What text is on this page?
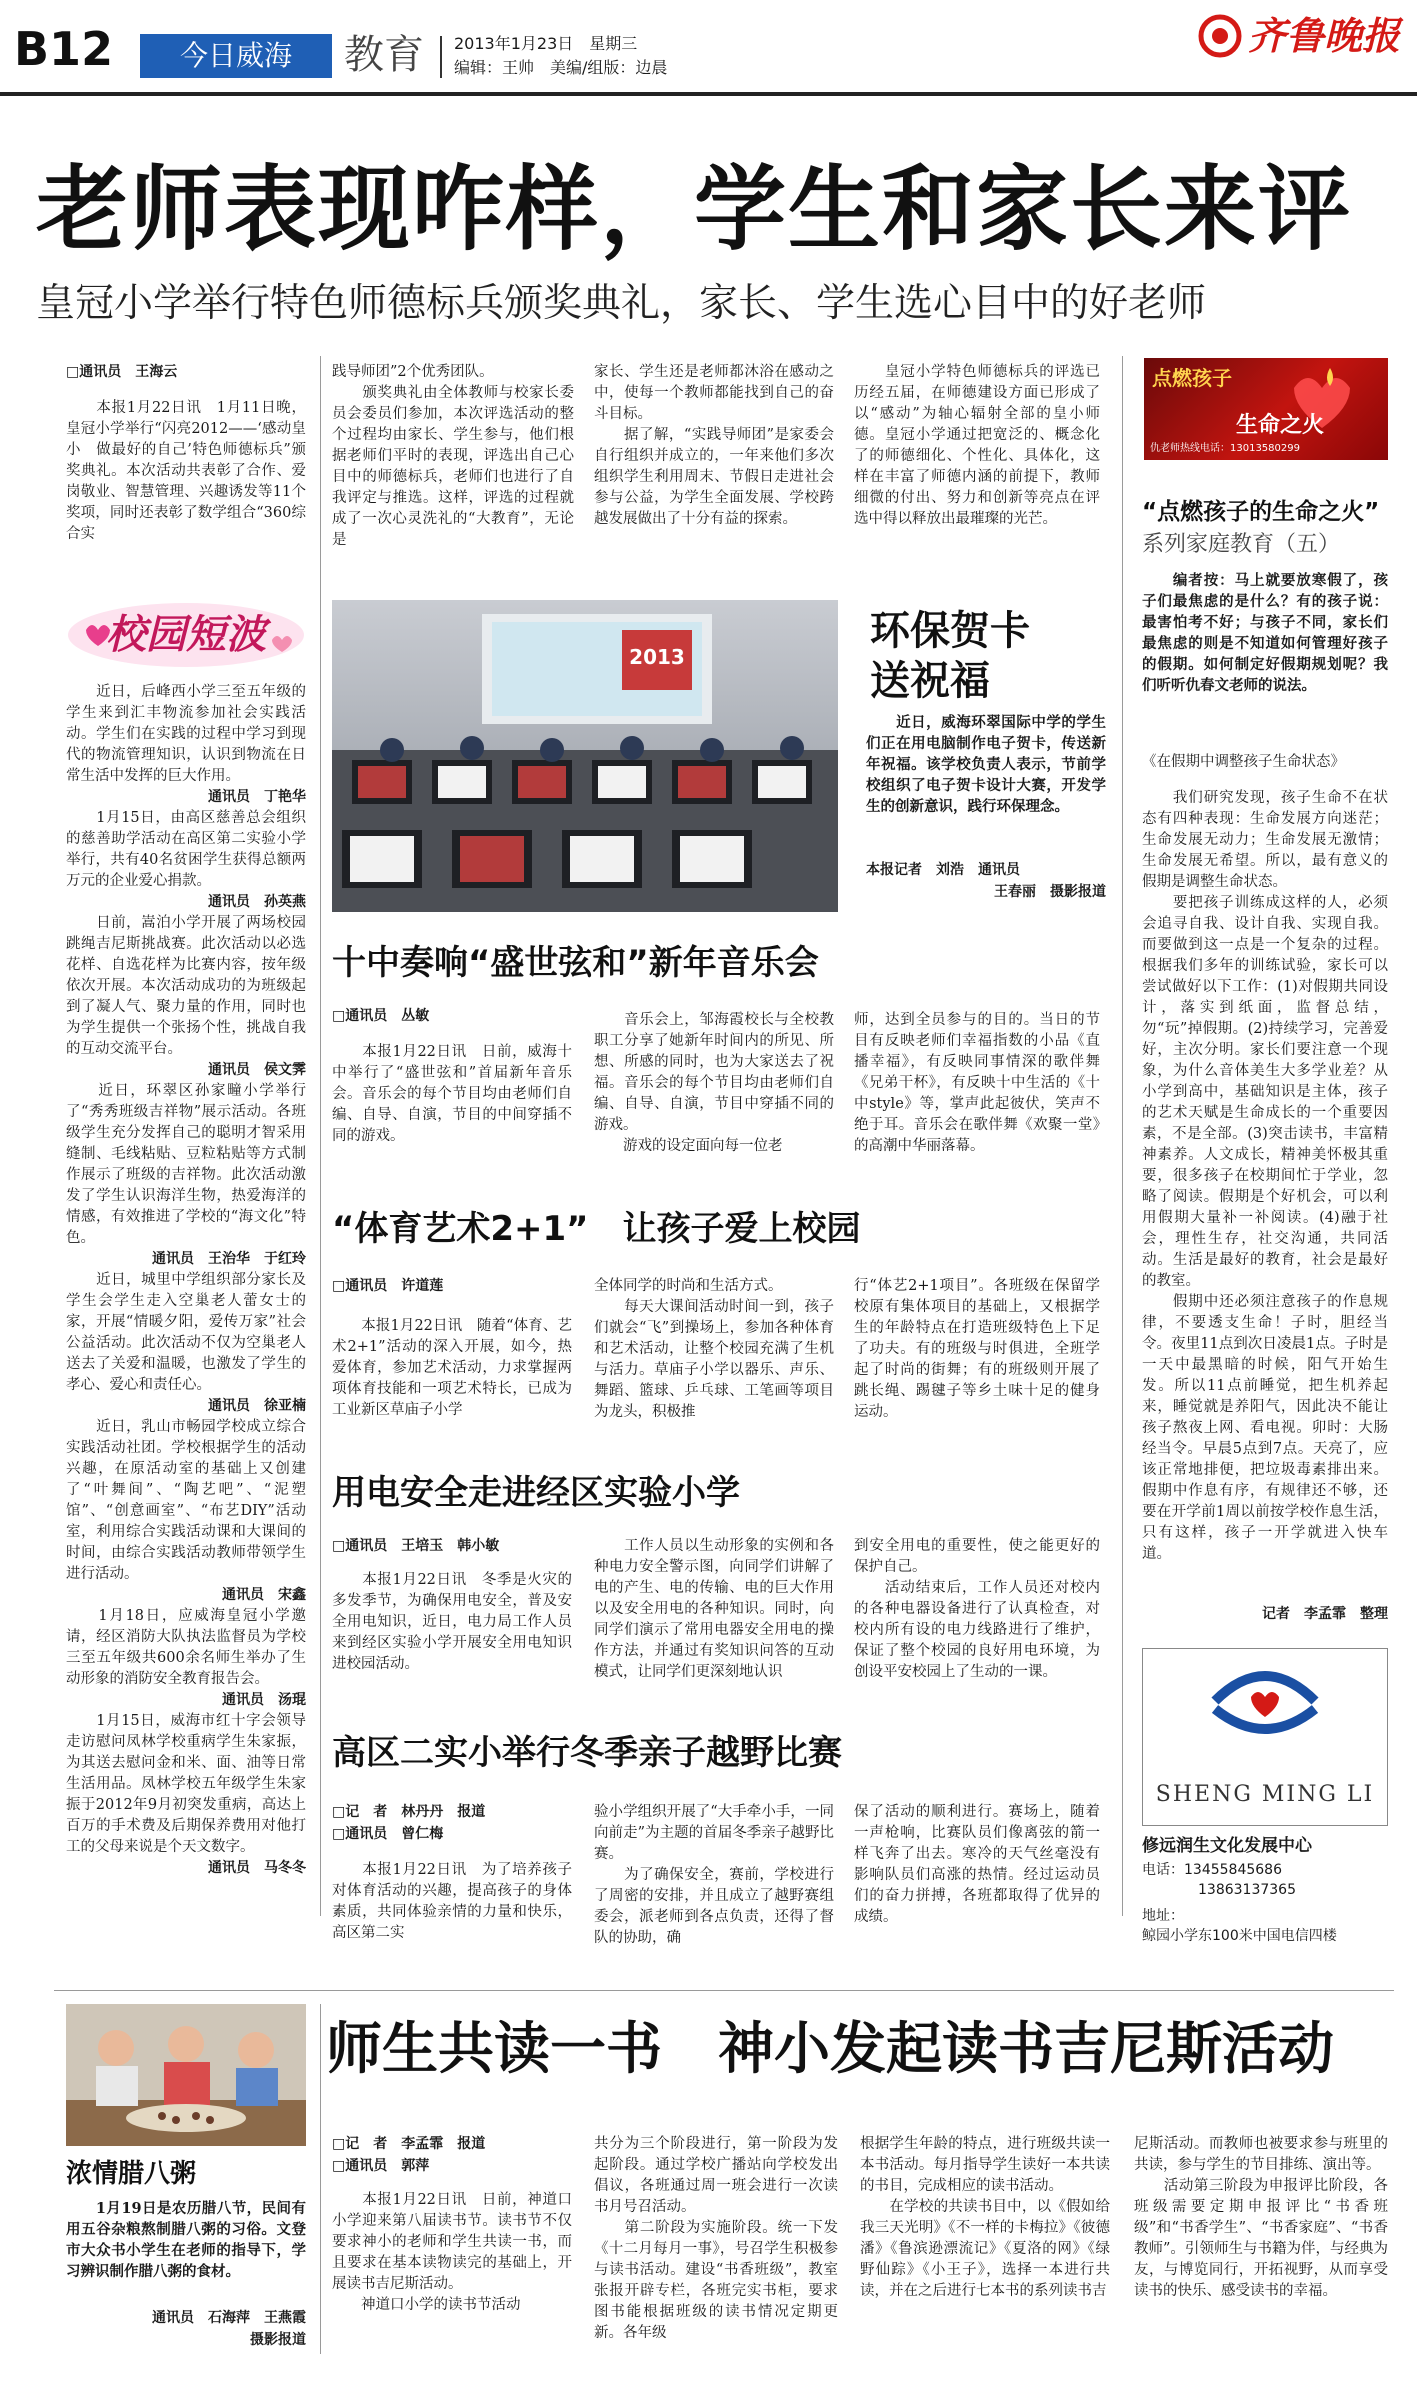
B12	今日威海	教育 2013年1月23日　星期三
编辑：王帅　美编/组版：边晨
齐鲁晚报
老师表现咋样，学生和家长来评
皇冠小学举行特色师德标兵颁奖典礼，家长、学生选心目中的好老师
□通讯员　王海云
　　本报1月22日讯　1月11日晚，皇冠小学举行“闪亮2012——‘感动皇小　做最好的自己’特色师德标兵”颁奖典礼。本次活动共表彰了合作、爱岗敬业、智慧管理、兴趣诱发等11个奖项，同时还表彰了数学组合“360综合实
践导师团”2个优秀团队。
　　颁奖典礼由全体教师与校家长委员会委员们参加，本次评选活动的整个过程均由家长、学生参与，他们根据老师们平时的表现，评选出自己心目中的师德标兵，老师们也进行了自我评定与推选。这样，评选的过程就成了一次心灵洗礼的“大教育”，无论是
家长、学生还是老师都沐浴在感动之中，使每一个教师都能找到自己的奋斗目标。
　　据了解，“实践导师团”是家委会自行组织并成立的，一年来他们多次组织学生利用周末、节假日走进社会参与公益，为学生全面发展、学校跨越发展做出了十分有益的探索。
　　皇冠小学特色师德标兵的评选已历经五届，在师德建设方面已形成了以“感动”为轴心辐射全部的皇小师德。皇冠小学通过把宽泛的、概念化了的师德细化、个性化、具体化，这样在丰富了师德内涵的前提下，教师细微的付出、努力和创新等亮点在评选中得以释放出最璀璨的光芒。
校园短波
　　近日，后峰西小学三至五年级的学生来到汇丰物流参加社会实践活动。学生们在实践的过程中学习到现代的物流管理知识，认识到物流在日常生活中发挥的巨大作用。
通讯员　丁艳华
　　1月15日，由高区慈善总会组织的慈善助学活动在高区第二实验小学举行，共有40名贫困学生获得总额两万元的企业爱心捐款。
通讯员　孙英燕
　　日前，嵩泊小学开展了两场校园跳绳吉尼斯挑战赛。此次活动以必选花样、自选花样为比赛内容，按年级依次开展。本次活动成功的为班级起到了凝人气、聚力量的作用，同时也为学生提供一个张扬个性，挑战自我的互动交流平台。
通讯员　侯文霁
　　近日，环翠区孙家疃小学举行了“秀秀班级吉祥物”展示活动。各班级学生充分发挥自己的聪明才智采用缝制、毛线粘贴、豆粒粘贴等方式制作展示了班级的吉祥物。此次活动激发了学生认识海洋生物，热爱海洋的情感，有效推进了学校的“海文化”特色。
通讯员　王治华　于红玲
　　近日，城里中学组织部分家长及学生会学生走入空巢老人蕾女士的家，开展“情暖夕阳，爱传万家”社会公益活动。此次活动不仅为空巢老人送去了关爱和温暖，也激发了学生的孝心、爱心和责任心。
通讯员　徐亚楠
　　近日，乳山市畅园学校成立综合实践活动社团。学校根据学生的活动兴趣，在原活动室的基础上又创建了“叶舞间”、“陶艺吧”、“泥塑馆”、“创意画室”、“布艺DIY”活动室，利用综合实践活动课和大课间的时间，由综合实践活动教师带领学生进行活动。
通讯员　宋鑫
　　1月18日，应威海皇冠小学邀请，经区消防大队执法监督员为学校三至五年级共600余名师生举办了生动形象的消防安全教育报告会。
通讯员　汤琨
　　1月15日，威海市红十字会领导走访慰问凤林学校重病学生朱家振，为其送去慰问金和米、面、油等日常生活用品。凤林学校五年级学生朱家振于2012年9月初突发重病，高达上百万的手术费及后期保养费用对他打工的父母来说是个天文数字。
通讯员　马冬冬
2013
环保贺卡
送祝福
　　近日，威海环翠国际中学的学生们正在用电脑制作电子贺卡，传送新年祝福。该学校负责人表示，节前学校组织了电子贺卡设计大赛，开发学生的创新意识，践行环保理念。
本报记者　刘浩　通讯员
王春丽　摄影报道
十中奏响“盛世弦和”新年音乐会
□通讯员　丛敏
　　本报1月22日讯　日前，威海十中举行了“盛世弦和”首届新年音乐会。音乐会的每个节目均由老师们自编、自导、自演，节目的中间穿插不同的游戏。
　　音乐会上，邹海霞校长与全校教职工分享了她新年时间内的所见、所想、所感的同时，也为大家送去了祝福。音乐会的每个节目均由老师们自编、自导、自演，节目中穿插不同的游戏。
　　游戏的设定面向每一位老
师，达到全员参与的目的。当日的节目有反映老师们幸福指数的小品《直播幸福》，有反映同事情深的歌伴舞《兄弟干杯》，有反映十中生活的《十中style》等，掌声此起彼伏，笑声不绝于耳。音乐会在歌伴舞《欢聚一堂》的高潮中华丽落幕。
“体育艺术2+1”　让孩子爱上校园
□通讯员　许道莲
　　本报1月22日讯　随着“体育、艺术2+1”活动的深入开展，如今，热爱体育，参加艺术活动，力求掌握两项体育技能和一项艺术特长，已成为工业新区草庙子小学
全体同学的时尚和生活方式。
　　每天大课间活动时间一到，孩子们就会“飞”到操场上，参加各种体育和艺术活动，让整个校园充满了生机与活力。草庙子小学以器乐、声乐、舞蹈、篮球、乒乓球、工笔画等项目为龙头，积极推
行“体艺2+1项目”。各班级在保留学校原有集体项目的基础上，又根据学生的年龄特点在打造班级特色上下足了功夫。有的班级与时俱进，全班学起了时尚的街舞；有的班级则开展了跳长绳、踢毽子等乡土味十足的健身运动。
用电安全走进经区实验小学
□通讯员　王培玉　韩小敏
　　本报1月22日讯　冬季是火灾的多发季节，为确保用电安全，普及安全用电知识，近日，电力局工作人员来到经区实验小学开展安全用电知识进校园活动。
　　工作人员以生动形象的实例和各种电力安全警示图，向同学们讲解了电的产生、电的传输、电的巨大作用以及安全用电的各种知识。同时，向同学们演示了常用电器安全用电的操作方法，并通过有奖知识问答的互动模式，让同学们更深刻地认识
到安全用电的重要性，使之能更好的保护自己。
　　活动结束后，工作人员还对校内的各种电器设备进行了认真检查，对校内所有设的电力线路进行了维护，保证了整个校园的良好用电环境，为创设平安校园上了生动的一课。
高区二实小举行冬季亲子越野比赛
□记　者　林丹丹　报道
□通讯员　曾仁梅
　　本报1月22日讯　为了培养孩子对体育活动的兴趣，提高孩子的身体素质，共同体验亲情的力量和快乐，高区第二实
验小学组织开展了“大手牵小手，一同向前走”为主题的首届冬季亲子越野比赛。
　　为了确保安全，赛前，学校进行了周密的安排，并且成立了越野赛组委会，派老师到各点负责，还得了督队的协助，确
保了活动的顺利进行。赛场上，随着一声枪响，比赛队员们像离弦的箭一样飞奔了出去。寒冷的天气丝毫没有影响队员们高涨的热情。经过运动员们的奋力拼搏，各班都取得了优异的成绩。
点燃孩子
生命之火
仇老师热线电话：13013580299
“点燃孩子的生命之火”
系列家庭教育（五）
　　编者按：马上就要放寒假了，孩子们最焦虑的是什么？有的孩子说：最害怕考不好；与孩子不同，家长们最焦虑的则是不知道如何管理好孩子的假期。如何制定好假期规划呢？我们听听仇春文老师的说法。
《在假期中调整孩子生命状态》
　　我们研究发现，孩子生命不在状态有四种表现：生命发展方向迷茫；生命发展无动力；生命发展无激情；生命发展无希望。所以，最有意义的假期是调整生命状态。
　　要把孩子训练成这样的人，必须会追寻自我、设计自我、实现自我。而要做到这一点是一个复杂的过程。根据我们多年的训练试验，家长可以尝试做好以下工作：(1)对假期共同设计，落实到纸面，监督总结，勿“玩”掉假期。(2)持续学习，完善爱好，主次分明。家长们要注意一个现象，为什么音体美生大多学业差？从小学到高中，基础知识是主体，孩子的艺术天赋是生命成长的一个重要因素，不是全部。(3)突击读书，丰富精神素养。人文成长，精神美怀极其重要，很多孩子在校期间忙于学业，忽略了阅读。假期是个好机会，可以利用假期大量补一补阅读。(4)融于社会，理性生存，社交沟通，共同活动。生活是最好的教育，社会是最好的教室。
　　假期中还必须注意孩子的作息规律，不要透支生命！子时，胆经当令。夜里11点到次日凌晨1点。子时是一天中最黑暗的时候，阳气开始生发。所以11点前睡觉，把生机养起来，睡觉就是养阳气，因此决不能让孩子熬夜上网、看电视。卯时：大肠经当令。早晨5点到7点。天亮了，应该正常地排便，把垃圾毒素排出来。假期中作息有序，有规律还不够，还要在开学前1周以前按学校作息生活，只有这样，孩子一开学就进入快车道。
记者　李孟霏　整理
SHENG MING LI
修远润生文化发展中心
电话：13455845686
13863137365
地址：
鲸园小学东100米中国电信四楼
浓情腊八粥
　　1月19日是农历腊八节，民间有用五谷杂粮熬制腊八粥的习俗。文登市大众书小学生在老师的指导下，学习辨识制作腊八粥的食材。
通讯员　石海萍　王燕霞
摄影报道
师生共读一书　神小发起读书吉尼斯活动
□记　者　李孟霏　报道
□通讯员　郭萍
　　本报1月22日讯　日前，神道口小学迎来第八届读书节。读书节不仅要求神小的老师和学生共读一书，而且要求在基本读物读完的基础上，开展读书吉尼斯活动。
　　神道口小学的读书节活动
共分为三个阶段进行，第一阶段为发起阶段。通过学校广播站向学校发出倡议，各班通过周一班会进行一次读书月号召活动。
　　第二阶段为实施阶段。统一下发《十二月每月一事》，号召学生积极参与读书活动。建设“书香班级”，教室张报开辟专栏，各班完实书柜，要求图书能根据班级的读书情况定期更新。各年级
根据学生年龄的特点，进行班级共读一本书活动。每月指导学生读好一本共读的书目，完成相应的读书活动。
　　在学校的共读书目中，以《假如给我三天光明》《不一样的卡梅拉》《彼德潘》《鲁滨逊漂流记》《夏洛的网》《绿野仙踪》《小王子》，选择一本进行共读，并在之后进行七本书的系列读书吉
尼斯活动。而教师也被要求参与班里的共读，参与学生的节目排练、演出等。
　　活动第三阶段为申报评比阶段，各班级需要定期申报评比“书香班级”和“书香学生”、“书香家庭”、“书香教师”。引领师生与书籍为伴，与经典为友，与博览同行，开拓视野，从而享受读书的快乐、感受读书的幸福。
